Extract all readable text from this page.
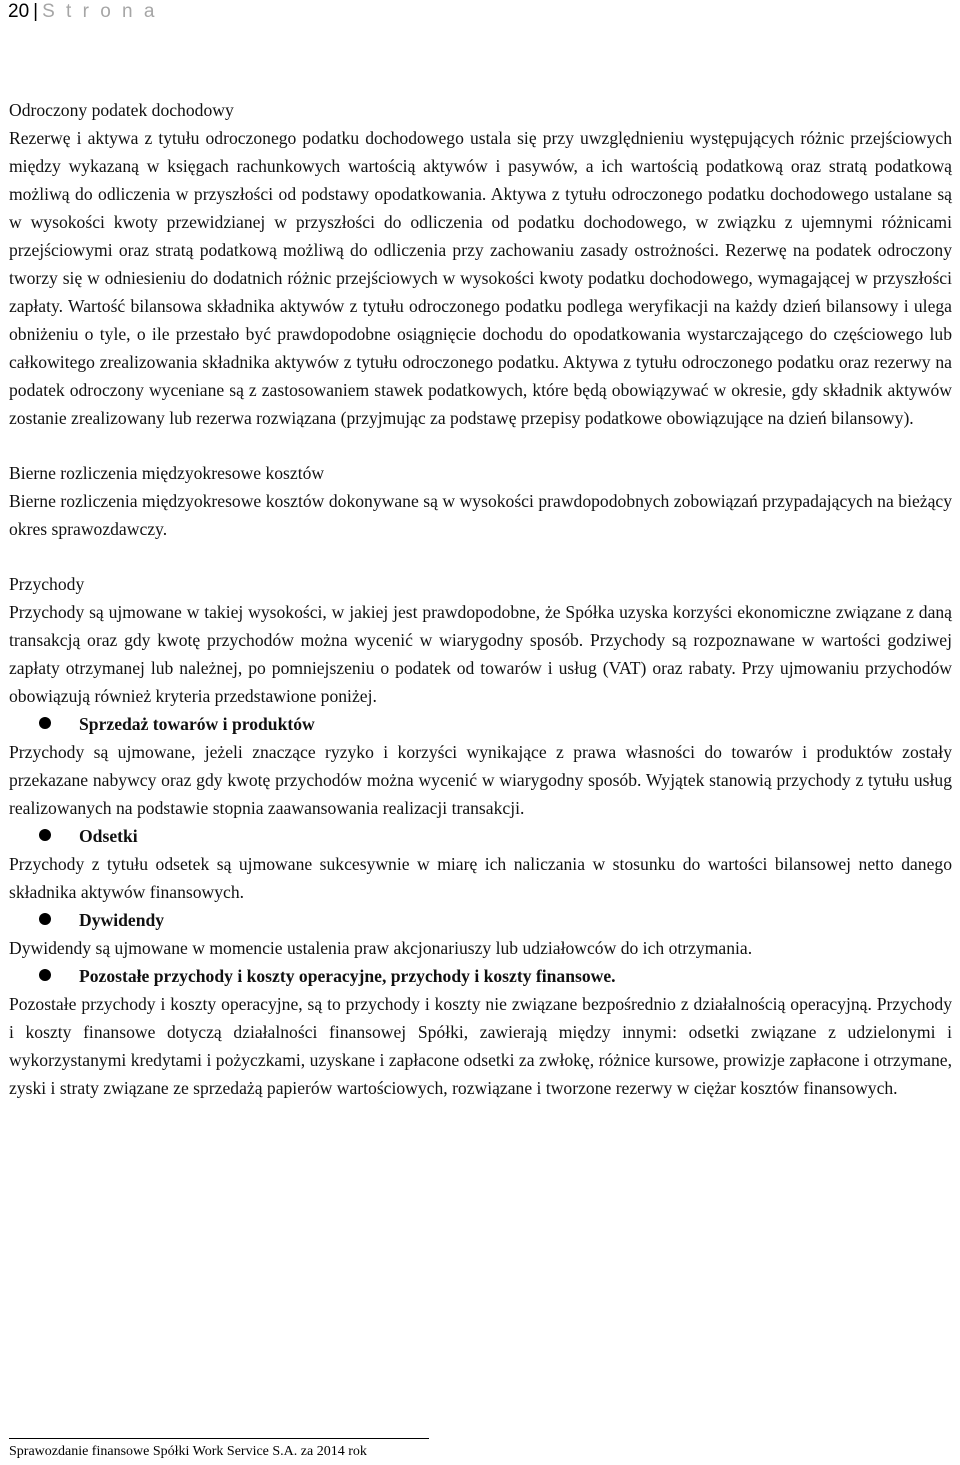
20 | S t r o n a
Odroczony podatek dochodowy

Rezerwę i aktywa z tytułu odroczonego podatku dochodowego ustala się przy uwzględnieniu występujących różnic przejściowych między wykazaną w księgach rachunkowych wartością aktywów i pasywów, a ich wartością podatkową oraz stratą podatkową możliwą do odliczenia w przyszłości od podstawy opodatkowania. Aktywa z tytułu odroczonego podatku dochodowego ustalane są w wysokości kwoty przewidzianej w przyszłości do odliczenia od podatku dochodowego, w związku z ujemnymi różnicami przejściowymi oraz stratą podatkową możliwą do odliczenia przy zachowaniu zasady ostrożności. Rezerwę na podatek odroczony tworzy się w odniesieniu do dodatnich różnic przejściowych w wysokości kwoty podatku dochodowego, wymagającej w przyszłości zapłaty. Wartość bilansowa składnika aktywów z tytułu odroczonego podatku podlega weryfikacji na każdy dzień bilansowy i ulega obniżeniu o tyle, o ile przestało być prawdopodobne osiągnięcie dochodu do opodatkowania wystarczającego do częściowego lub całkowitego zrealizowania składnika aktywów z tytułu odroczonego podatku. Aktywa z tytułu odroczonego podatku oraz rezerwy na podatek odroczony wyceniane są z zastosowaniem stawek podatkowych, które będą obowiązywać w okresie, gdy składnik aktywów zostanie zrealizowany lub rezerwa rozwiązana (przyjmując za podstawę przepisy podatkowe obowiązujące na dzień bilansowy).

Bierne rozliczenia międzyokresowe kosztów

Bierne rozliczenia międzyokresowe kosztów dokonywane są w wysokości prawdopodobnych zobowiązań przypadających na bieżący okres sprawozdawczy.

Przychody

Przychody są ujmowane w takiej wysokości, w jakiej jest prawdopodobne, że Spółka uzyska korzyści ekonomiczne związane z daną transakcją oraz gdy kwotę przychodów można wycenić w wiarygodny sposób. Przychody są rozpoznawane w wartości godziwej zapłaty otrzymanej lub należnej, po pomniejszeniu o podatek od towarów i usług (VAT) oraz rabaty. Przy ujmowaniu przychodów obowiązują również kryteria przedstawione poniżej.

Sprzedaż towarów i produktów

Przychody są ujmowane, jeżeli znaczące ryzyko i korzyści wynikające z prawa własności do towarów i produktów zostały przekazane nabywcy oraz gdy kwotę przychodów można wycenić w wiarygodny sposób. Wyjątek stanowią przychody z tytułu usług realizowanych na podstawie stopnia zaawansowania realizacji transakcji.

Odsetki

Przychody z tytułu odsetek są ujmowane sukcesywnie w miarę ich naliczania w stosunku do wartości bilansowej netto danego składnika aktywów finansowych.

Dywidendy

Dywidendy są ujmowane w momencie ustalenia praw akcjonariuszy lub udziałowców do ich otrzymania.

Pozostałe przychody i koszty operacyjne, przychody i koszty finansowe.

Pozostałe przychody i koszty operacyjne, są to przychody i koszty nie związane bezpośrednio z działalnością operacyjną. Przychody i koszty finansowe dotyczą działalności finansowej Spółki, zawierają między innymi: odsetki związane z udzielonymi i wykorzystanymi kredytami i pożyczkami, uzyskane i zapłacone odsetki za zwłokę, różnice kursowe, prowizje zapłacone i otrzymane, zyski i straty związane ze sprzedażą papierów wartościowych, rozwiązane i tworzone rezerwy w ciężar kosztów finansowych.

Sprawozdanie finansowe Spółki Work Service S.A. za 2014 rok
